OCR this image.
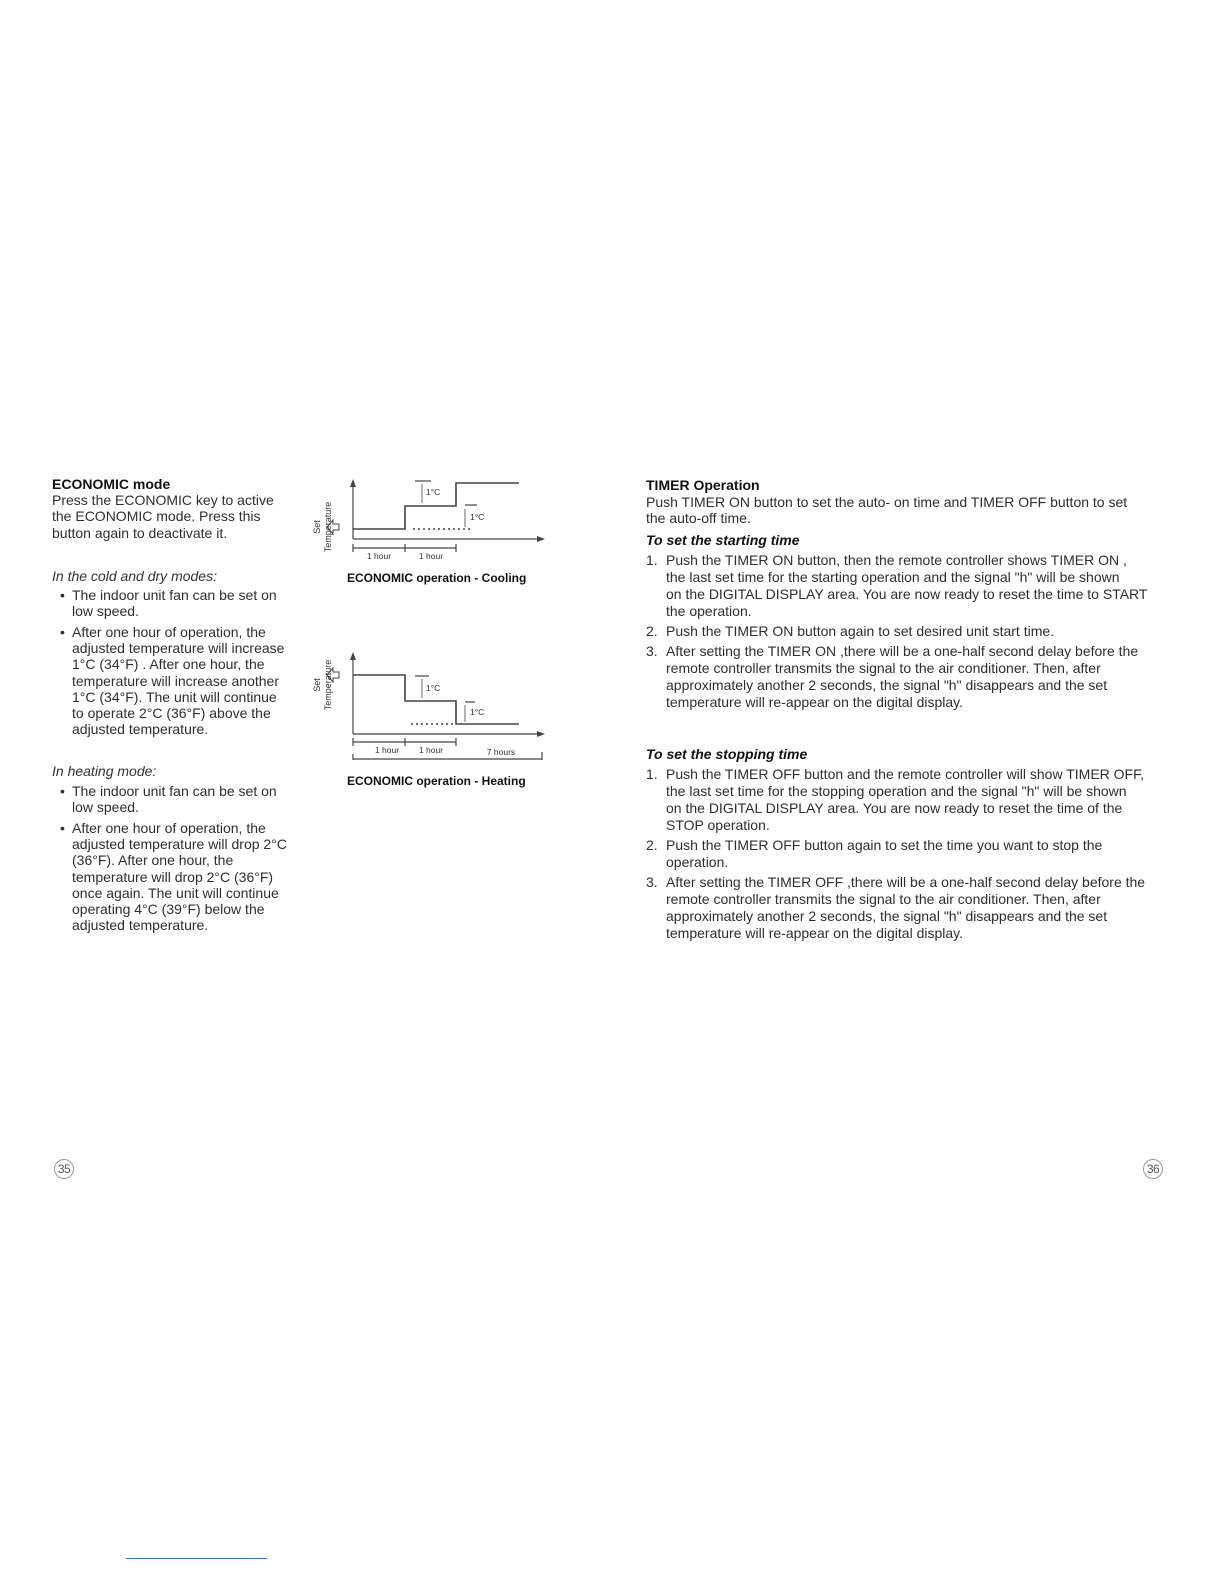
ECONOMIC mode
Press the ECONOMIC key to active
the ECONOMIC mode. Press this
button again to deactivate it.
In the cold and dry modes:
• The indoor unit fan can be set on
low speed.
• After one hour of operation, the
adjusted temperature will increase
1°C (34°F) . After one hour, the
temperature will increase another
1°C (34°F). The unit will continue
to operate 2°C (36°F) above the
adjusted temperature.
In heating mode:
• The indoor unit fan can be set on
low speed.
• After one hour of operation, the
adjusted temperature will drop 2°C
(36°F). After one hour, the
temperature will drop 2°C (36°F)
once again. The unit will continue
operating 4°C (39°F) below the
adjusted temperature.
Set Temperature
1°C
1°C
1 hour	1 hour
ECONOMIC operation - Cooling
Set Temperature	1°C
1°C
1 hour 1 hour	7 hours
ECONOMIC operation - Heating
35
TIMER Operation
Push TIMER ON button to set the auto- on time and TIMER OFF button to set
the auto-off time.
To set the starting time
1. Push the TIMER ON button, then the remote controller shows TIMER ON ,
the last set time for the starting operation and the signal "h" will be shown
on the DIGITAL DISPLAY area. You are now ready to reset the time to START
the operation.
2. Push the TIMER ON button again to set desired unit start time.
3. After setting the TIMER ON ,there will be a one-half second delay before the
remote controller transmits the signal to the air conditioner. Then, after
approximately another 2 seconds, the signal "h" disappears and the set
temperature will re-appear on the digital display.
To set the stopping time
1. Push the TIMER OFF button and the remote controller will show TIMER OFF,
the last set time for the stopping operation and the signal "h" will be shown
on the DIGITAL DISPLAY area. You are now ready to reset the time of the
STOP operation.
2. Push the TIMER OFF button again to set the time you want to stop the
operation.
3. After setting the TIMER OFF ,there will be a one-half second delay before the
remote controller transmits the signal to the air conditioner. Then, after
approximately another 2 seconds, the signal "h" disappears and the set
temperature will re-appear on the digital display.
36
